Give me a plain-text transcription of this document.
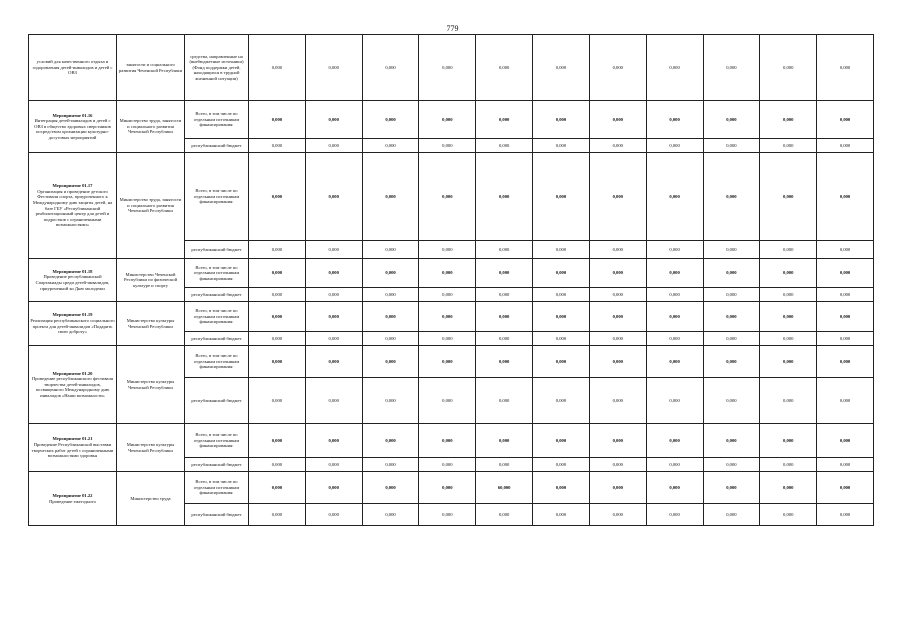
779
условий для качественного отдыха и оздоровления детей-инвалидов и детей с ОВЗ	занятости и социального развития Чеченской Республики	средства, направленные на (внебюджетные источники) (Фонд поддержки детей, находящихся в трудной жизненной ситуации)	0,000	0,000	0,000	0,000	0,000	0,000	0,000	0,000	0,000	0,000	0,000

Мероприятие 01.16
Интеграция детей-инвалидов и детей с ОВЗ в общество здоровых сверстников посредством организации культурно-досуговых мероприятий	Министерство труда, занятости и социального развития Чеченской Республики	Всего, в том числе по отдельным источникам финансирования:	0,000	0,000	0,000	0,000	0,000	0,000	0,000	0,000	0,000	0,000	0,000
		республиканский бюджет	0,000	0,000	0,000	0,000	0,000	0,000	0,000	0,000	0,000	0,000	0,000

Мероприятие 01.17
Организация и проведение детского Фестиваля спорта, приуроченного к Международному дню защиты детей, на базе ГБУ «Республиканский реабилитационный центр для детей и подростков с ограниченными возможностями»	Министерство труда, занятости и социального развития Чеченской Республики	Всего, в том числе по отдельным источникам финансирования:	0,000	0,000	0,000	0,000	0,000	0,000	0,000	0,000	0,000	0,000	0,000
		республиканский бюджет	0,000	0,000	0,000	0,000	0,000	0,000	0,000	0,000	0,000	0,000	0,000

Мероприятие 01.18
Проведение республиканской Спартакиады среди детей-инвалидов, приуроченной ко Дню молодежи	Министерство Чеченской Республики по физической культуре и спорту	Всего, в том числе по отдельным источникам финансирования:	0,000	0,000	0,000	0,000	0,000	0,000	0,000	0,000	0,000	0,000	0,000
		республиканский бюджет	0,000	0,000	0,000	0,000	0,000	0,000	0,000	0,000	0,000	0,000	0,000

Мероприятие 01.19
Реализация республиканского социального проекта для детей-инвалидов «Подарить свою доброту»	Министерство культуры Чеченской Республики	Всего, в том числе по отдельным источникам финансирования:	0,000	0,000	0,000	0,000	0,000	0,000	0,000	0,000	0,000	0,000	0,000
		республиканский бюджет	0,000	0,000	0,000	0,000	0,000	0,000	0,000	0,000	0,000	0,000	0,000

Мероприятие 01.20
Проведение республиканского фестиваля творчества детей-инвалидов, посвященного Международному дню инвалидов «Наши возможности»	Министерство культуры Чеченской Республики	Всего, в том числе по отдельным источникам финансирования:	0,000	0,000	0,000	0,000	0,000	0,000	0,000	0,000	0,000	0,000	0,000
		республиканский бюджет	0,000	0,000	0,000	0,000	0,000	0,000	0,000	0,000	0,000	0,000	0,000

Мероприятие 01.21
Проведение Республиканской выставки творческих работ детей с ограниченными возможностями здоровья	Министерство культуры Чеченской Республики	Всего, в том числе по отдельным источникам финансирования:	0,000	0,000	0,000	0,000	0,000	0,000	0,000	0,000	0,000	0,000	0,000
		республиканский бюджет	0,000	0,000	0,000	0,000	0,000	0,000	0,000	0,000	0,000	0,000	0,000

Мероприятие 01.22
Проведение ежегодного	Министерство труда	Всего, в том числе по отдельным источникам финансирования:	0,000	0,000	0,000	0,000	60,000	0,000	0,000	0,000	0,000	0,000	0,000
		республиканский бюджет	0,000	0,000	0,000	0,000	0,000	0,000	0,000	0,000	0,000	0,000	0,000
